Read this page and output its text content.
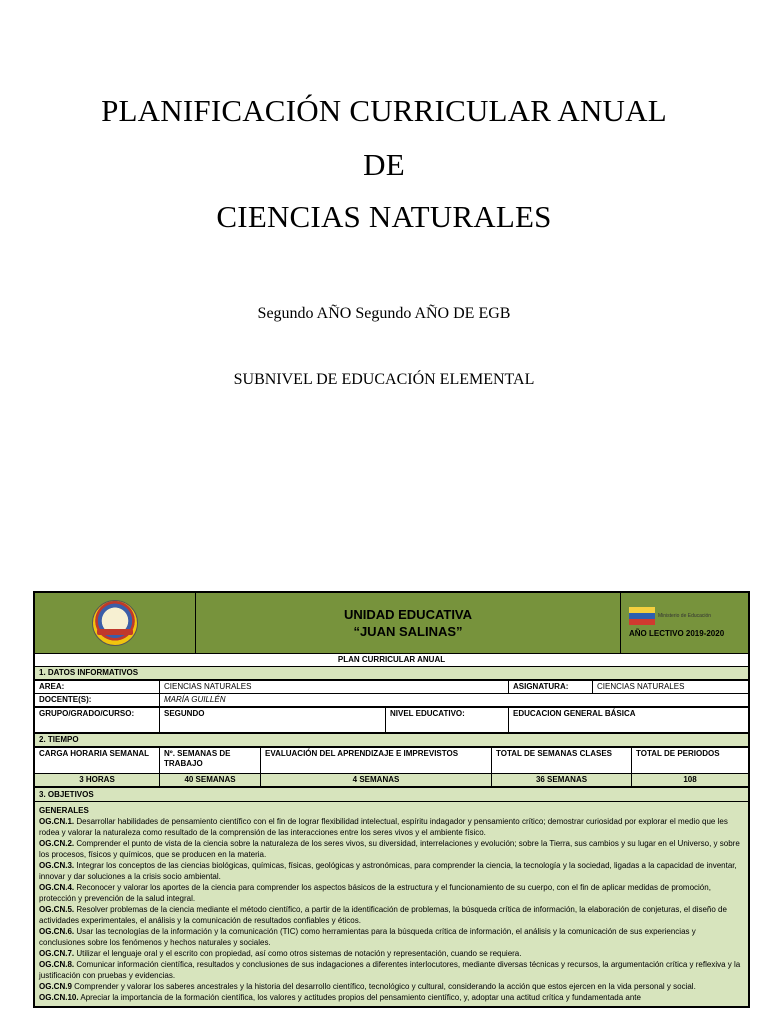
PLANIFICACIÓN CURRICULAR ANUAL
DE
CIENCIAS NATURALES
Segundo AÑO Segundo AÑO DE EGB
SUBNIVEL DE EDUCACIÓN ELEMENTAL

UNIDAD EDUCATIVA
“JUAN SALINAS”

Ministerio de Educación
AÑO LECTIVO 2019-2020
PLAN CURRICULAR ANUAL
1. DATOS INFORMATIVOS
AREA:	CIENCIAS NATURALES	ASIGNATURA:	CIENCIAS NATURALES
DOCENTE(S):	MARÍA GUILLÉN		
GRUPO/GRADO/CURSO:	SEGUNDO	NIVEL EDUCATIVO:	EDUCACION GENERAL BÁSICA
2. TIEMPO
CARGA HORARIA SEMANAL	Nº. SEMANAS DE TRABAJO	EVALUACIÓN DEL APRENDIZAJE E IMPREVISTOS	TOTAL DE SEMANAS CLASES	TOTAL DE PERIODOS
3 HORAS	40 SEMANAS	4 SEMANAS	36 SEMANAS	108
3. OBJETIVOS

GENERALES

OG.CN.1. Desarrollar habilidades de pensamiento científico con el fin de lograr flexibilidad intelectual, espíritu indagador y pensamiento crítico; demostrar curiosidad por explorar el medio que les rodea y valorar la naturaleza como resultado de la comprensión de las interacciones entre los seres vivos y el ambiente físico.

OG.CN.2. Comprender el punto de vista de la ciencia sobre la naturaleza de los seres vivos, su diversidad, interrelaciones y evolución; sobre la Tierra, sus cambios y su lugar en el Universo, y sobre los procesos, físicos y químicos, que se producen en la materia.

OG.CN.3. Integrar los conceptos de las ciencias biológicas, químicas, físicas, geológicas y astronómicas, para comprender la ciencia, la tecnología y la sociedad, ligadas a la capacidad de inventar, innovar y dar soluciones a la crisis socio ambiental.

OG.CN.4. Reconocer y valorar los aportes de la ciencia para comprender los aspectos básicos de la estructura y el funcionamiento de su cuerpo, con el fin de aplicar medidas de promoción, protección y prevención de la salud integral.

OG.CN.5. Resolver problemas de la ciencia mediante el método científico, a partir de la identificación de problemas, la búsqueda crítica de información, la elaboración de conjeturas, el diseño de actividades experimentales, el análisis y la comunicación de resultados confiables y éticos.

OG.CN.6. Usar las tecnologías de la información y la comunicación (TIC) como herramientas para la búsqueda crítica de información, el análisis y la comunicación de sus experiencias y conclusiones sobre los fenómenos y hechos naturales y sociales.

OG.CN.7. Utilizar el lenguaje oral y el escrito con propiedad, así como otros sistemas de notación y representación, cuando se requiera.

OG.CN.8. Comunicar información científica, resultados y conclusiones de sus indagaciones a diferentes interlocutores, mediante diversas técnicas y recursos, la argumentación crítica y reflexiva y la justificación con pruebas y evidencias.

OG.CN.9 Comprender y valorar los saberes ancestrales y la historia del desarrollo científico, tecnológico y cultural, considerando la acción que estos ejercen en la vida personal y social.

OG.CN.10. Apreciar la importancia de la formación científica, los valores y actitudes propios del pensamiento científico, y, adoptar una actitud crítica y fundamentada ante
